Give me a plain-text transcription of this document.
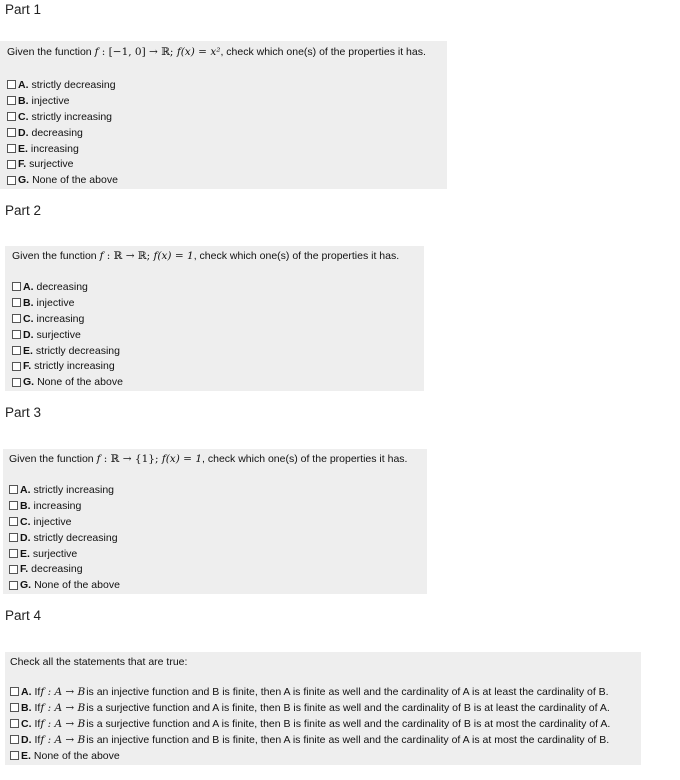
Part 1
Given the function f : [−1, 0] → ℝ; f(x) = x², check which one(s) of the properties it has.
A. strictly decreasing
B. injective
C. strictly increasing
D. decreasing
E. increasing
F. surjective
G. None of the above
Part 2
Given the function f : ℝ → ℝ; f(x) = 1, check which one(s) of the properties it has.
A. decreasing
B. injective
C. increasing
D. surjective
E. strictly decreasing
F. strictly increasing
G. None of the above
Part 3
Given the function f : ℝ → {1}; f(x) = 1, check which one(s) of the properties it has.
A. strictly increasing
B. increasing
C. injective
D. strictly decreasing
E. surjective
F. decreasing
G. None of the above
Part 4
Check all the statements that are true:
A. If f : A → B is an injective function and B is finite, then A is finite as well and the cardinality of A is at least the cardinality of B.
B. If f : A → B is a surjective function and A is finite, then B is finite as well and the cardinality of B is at least the cardinality of A.
C. If f : A → B is a surjective function and A is finite, then B is finite as well and the cardinality of B is at most the cardinality of A.
D. If f : A → B is an injective function and B is finite, then A is finite as well and the cardinality of A is at most the cardinality of B.
E. None of the above
